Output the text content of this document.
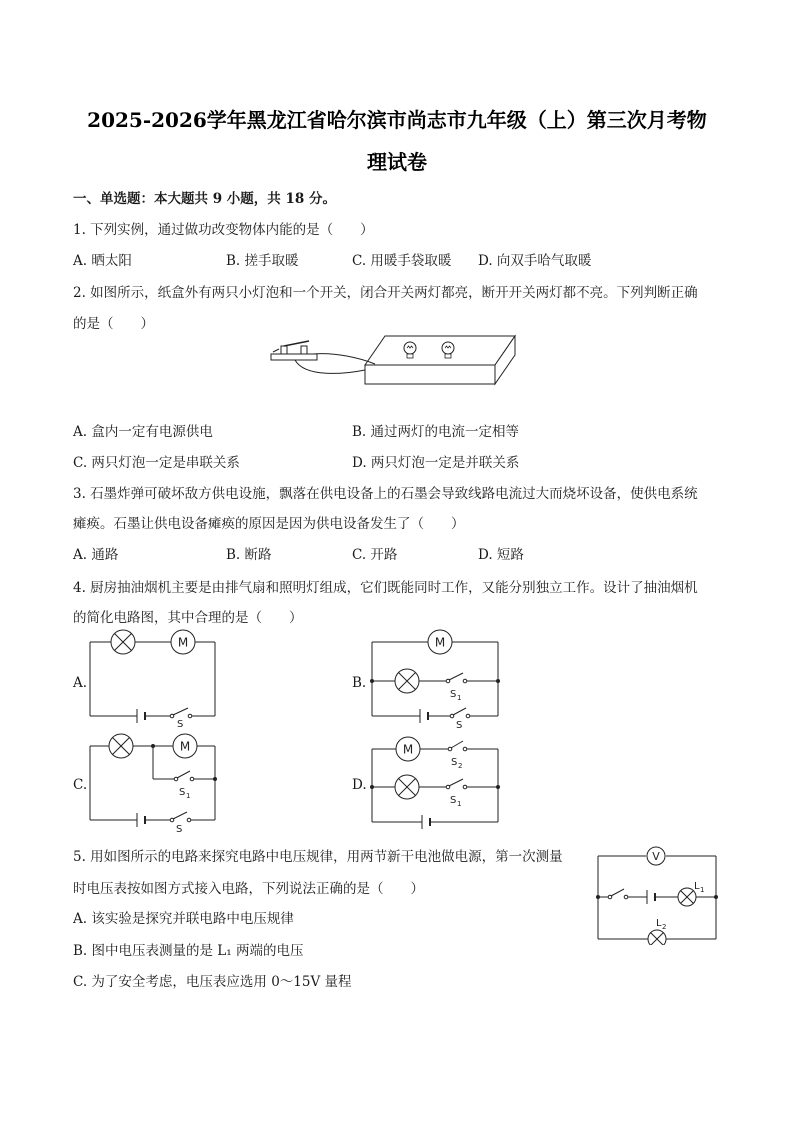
2025-2026学年黑龙江省哈尔滨市尚志市九年级（上）第三次月考物
理试卷
一、单选题：本大题共 9 小题，共 18 分。
1. 下列实例，通过做功改变物体内能的是（　　）
A. 晒太阳	B. 搓手取暖	C. 用暖手袋取暖 D. 向双手哈气取暖
2. 如图所示，纸盒外有两只小灯泡和一个开关，闭合开关两灯都亮，断开开关两灯都不亮。下列判断正确
的是（　　）
A. 盒内一定有电源供电	B. 通过两灯的电流一定相等
C. 两只灯泡一定是串联关系	D. 两只灯泡一定是并联关系
3. 石墨炸弹可破坏敌方供电设施，飘落在供电设备上的石墨会导致线路电流过大而烧坏设备，使供电系统
瘫痪。石墨让供电设备瘫痪的原因是因为供电设备发生了（　　）
A. 通路	B. 断路	C. 开路	D. 短路
4. 厨房抽油烟机主要是由排气扇和照明灯组成，它们既能同时工作，又能分别独立工作。设计了抽油烟机
的简化电路图，其中合理的是（　　）
A.
M
S
B.
M
S 1
S
C.
M
S 1
S
D.
M
S 2
S 1
5. 用如图所示的电路来探究电路中电压规律，用两节新干电池做电源，第一次测量
时电压表按如图方式接入电路，下列说法正确的是（　　）
A. 该实验是探究并联电路中电压规律
B. 图中电压表测量的是 L₁ 两端的电压
C. 为了安全考虑，电压表应选用 0～15V 量程
V
L 1
L 2
